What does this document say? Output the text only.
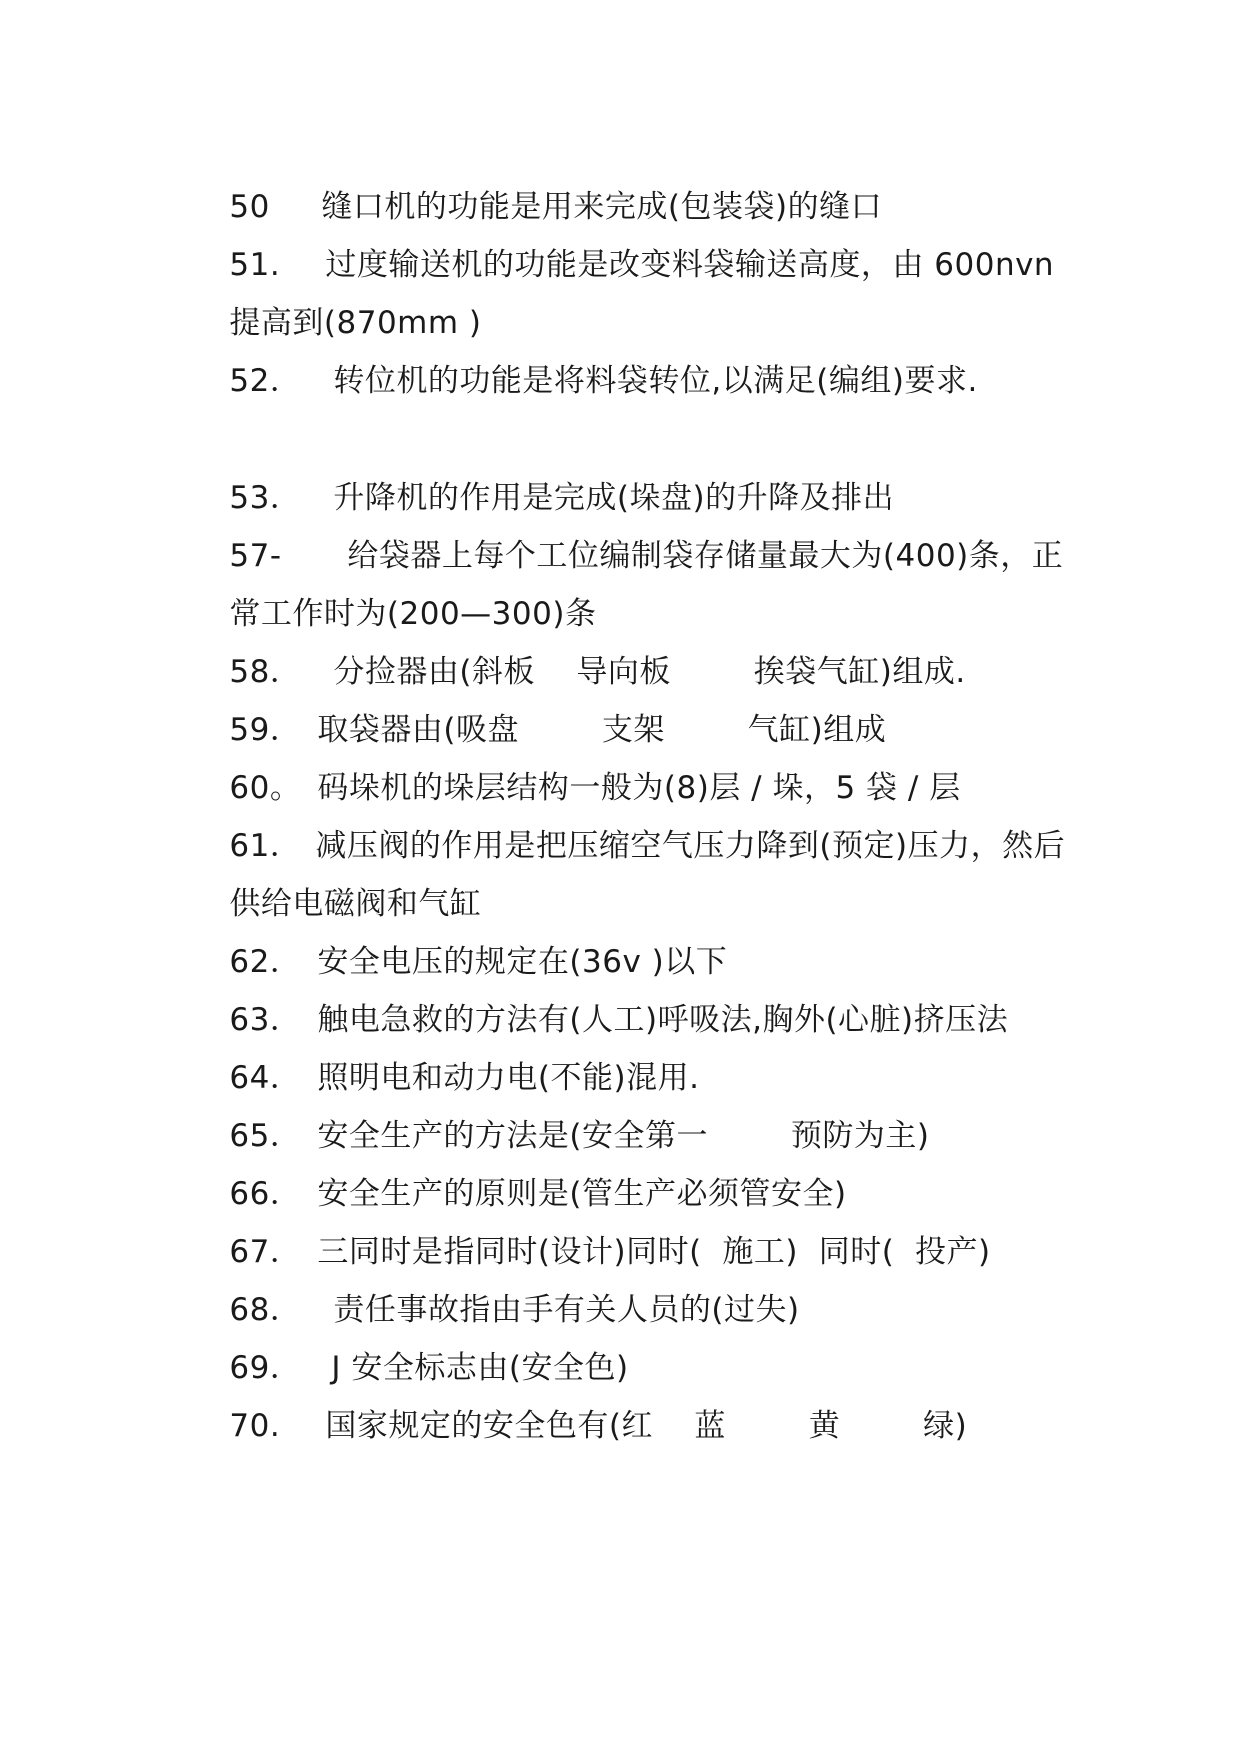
50 缝口机的功能是用来完成(包装袋)的缝口

51. 过度输送机的功能是改变料袋输送高度，由 600nvn

提高到(870mm )

52． 转位机的功能是将料袋转位,以满足(编组)要求.

53． 升降机的作用是完成(垛盘)的升降及排出

57- 给袋器上每个工位编制袋存储量最大为(400)条，正

常工作时为(200—300)条

58． 分捡器由(斜板    导向板        挨袋气缸)组成.

59． 取袋器由(吸盘        支架        气缸)组成

60。 码垛机的垛层结构一般为(8)层 / 垛，5 袋 / 层

61． 减压阀的作用是把压缩空气压力降到(预定)压力，然后

供给电磁阀和气缸

62． 安全电压的规定在(36v )以下

63． 触电急救的方法有(人工)呼吸法,胸外(心脏)挤压法

64． 照明电和动力电(不能)混用.

65． 安全生产的方法是(安全第一        预防为主)

66． 安全生产的原则是(管生产必须管安全)

67． 三同时是指同时(设计)同时(  施工)  同时(  投产)

68． 责任事故指由手有关人员的(过失)

69． J 安全标志由(安全色)

70. 国家规定的安全色有(红    蓝        黄        绿)
